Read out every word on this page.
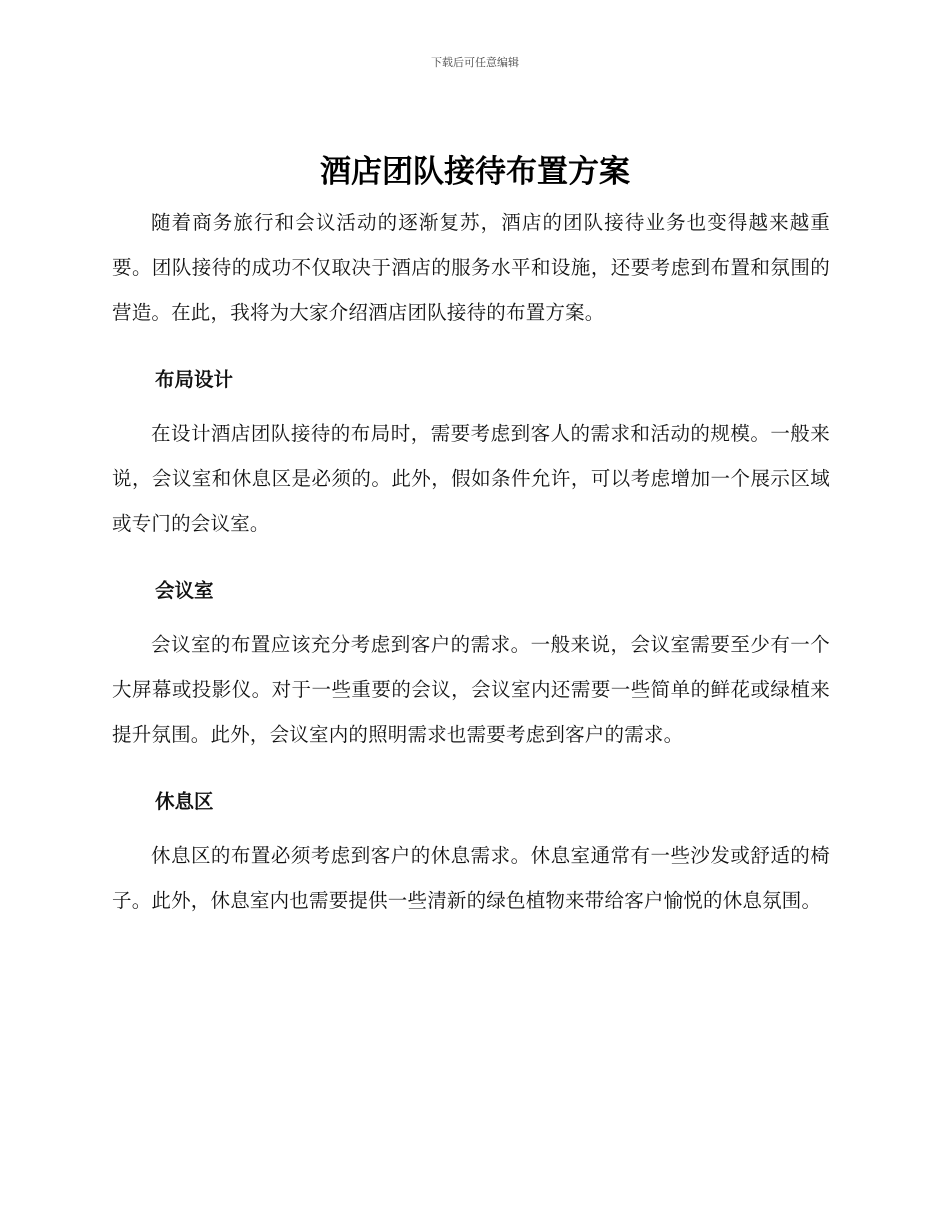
下载后可任意编辑
酒店团队接待布置方案

随着商务旅行和会议活动的逐渐复苏，酒店的团队接待业务也变得越来越重要。团队接待的成功不仅取决于酒店的服务水平和设施，还要考虑到布置和氛围的营造。在此，我将为大家介绍酒店团队接待的布置方案。

布局设计

在设计酒店团队接待的布局时，需要考虑到客人的需求和活动的规模。一般来说，会议室和休息区是必须的。此外，假如条件允许，可以考虑增加一个展示区域或专门的会议室。

会议室

会议室的布置应该充分考虑到客户的需求。一般来说，会议室需要至少有一个大屏幕或投影仪。对于一些重要的会议，会议室内还需要一些简单的鲜花或绿植来提升氛围。此外，会议室内的照明需求也需要考虑到客户的需求。

休息区

休息区的布置必须考虑到客户的休息需求。休息室通常有一些沙发或舒适的椅子。此外，休息室内也需要提供一些清新的绿色植物来带给客户愉悦的休息氛围。
